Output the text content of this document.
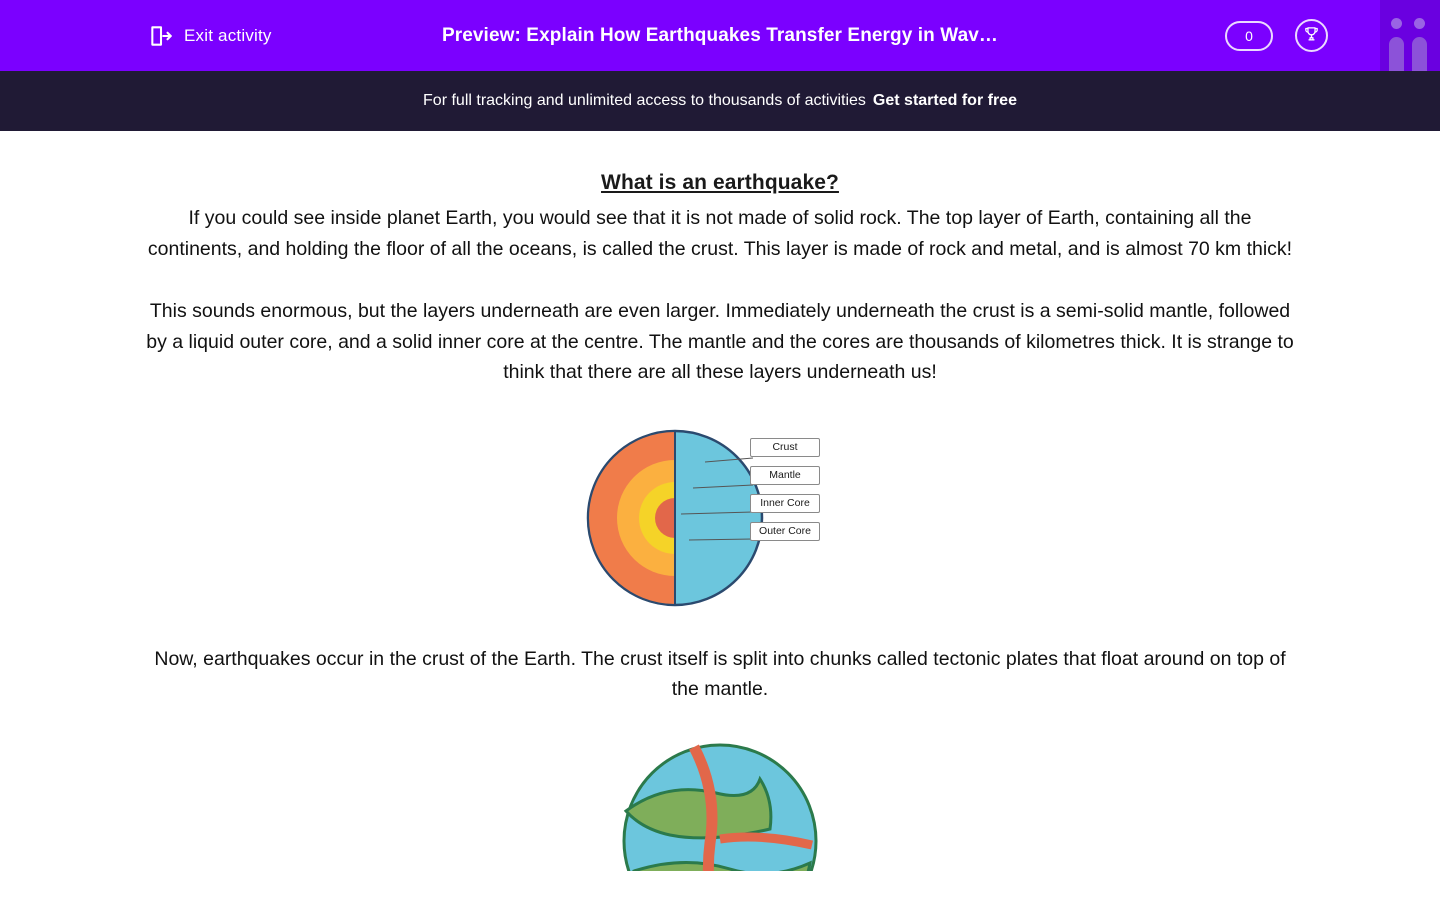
Exit activity	Preview: Explain How Earthquakes Transfer Energy in Wav…	0
For full tracking and unlimited access to thousands of activities Get started for free
What is an earthquake?

If you could see inside planet Earth, you would see that it is not made of solid rock. The top layer of Earth, containing all the continents, and holding the floor of all the oceans, is called the crust. This layer is made of rock and metal, and is almost 70 km thick!

This sounds enormous, but the layers underneath are even larger. Immediately underneath the crust is a semi-solid mantle, followed by a liquid outer core, and a solid inner core at the centre. The mantle and the cores are thousands of kilometres thick. It is strange to think that there are all these layers underneath us!

Crust
Mantle
Inner Core
Outer Core

Now, earthquakes occur in the crust of the Earth. The crust itself is split into chunks called tectonic plates that float around on top of the mantle.
